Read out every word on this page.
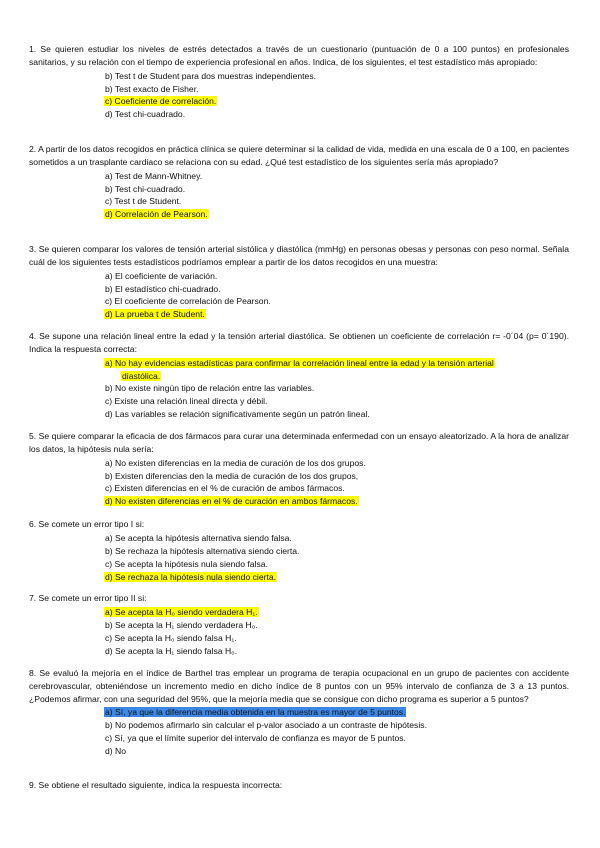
1. Se quieren estudiar los niveles de estrés detectados a través de un cuestionario (puntuación de 0 a 100 puntos) en profesionales sanitarios, y su relación con el tiempo de experiencia profesional en años. Indica, de los siguientes, el test estadístico más apropiado:

b) Test t de Student para dos muestras independientes.
b) Test exacto de Fisher.
c) Coeficiente de correlación.
d) Test chi-cuadrado.

2. A partir de los datos recogidos en práctica clínica se quiere determinar si la calidad de vida, medida en una escala de 0 a 100, en pacientes sometidos a un trasplante cardiaco se relaciona con su edad. ¿Qué test estadístico de los siguientes sería más apropiado?

a) Test de Mann-Whitney.
b) Test chi-cuadrado.
c) Test t de Student.
d) Correlación de Pearson.

3. Se quieren comparar los valores de tensión arterial sistólica y diastólica (mmHg) en personas obesas y personas con peso normal. Señala cuál de los siguientes tests estadísticos podríamos emplear a partir de los datos recogidos en una muestra:

a) El coeficiente de variación.
b) El estadístico chi-cuadrado.
c) El coeficiente de correlación de Pearson.
d) La prueba t de Student.

4. Se supone una relación lineal entre la edad y la tensión arterial diastólica. Se obtienen un coeficiente de correlación r= -0´04 (p= 0´190). Indica la respuesta correcta:

a) No hay evidencias estadísticas para confirmar la correlación lineal entre la edad y la tensión arterial
diastólica.
b) No existe ningún tipo de relación entre las variables.
c) Existe una relación lineal directa y débil.
d) Las variables se relación significativamente según un patrón lineal.

5. Se quiere comparar la eficacia de dos fármacos para curar una determinada enfermedad con un ensayo aleatorizado. A la hora de analizar los datos, la hipótesis nula sería:

a) No existen diferencias en la media de curación de los dos grupos.
b) Existen diferencias den la media de curación de los dos grupos,
c) Existen diferencias en el % de curación de ambos fármacos.
d) No existen diferencias en el % de curación en ambos fármacos.

6. Se comete un error tipo I si:

a) Se acepta la hipótesis alternativa siendo falsa.
b) Se rechaza la hipótesis alternativa siendo cierta.
c) Se acepta la hipótesis nula siendo falsa.
d) Se rechaza la hipótesis nula siendo cierta.

7. Se comete un error tipo II si:

a) Se acepta la H₀ siendo verdadera H₁.
b) Se acepta la H₁ siendo verdadera H₀.
c) Se acepta la H₀ siendo falsa H₁.
d) Se acepta la H₁ siendo falsa H₀.

8. Se evaluó la mejoría en el índice de Barthel tras emplear un programa de terapia ocupacional en un grupo de pacientes con accidente cerebrovascular, obteniéndose un incremento medio en dicho índice de 8 puntos con un 95% intervalo de confianza de 3 a 13 puntos. ¿Podemos afirmar, con una seguridad del 95%, que la mejoría media que se consigue con dicho programa es superior a 5 puntos?

a) Sí, ya que la diferencia media obtenida en la muestra es mayor de 5 puntos.
b) No podemos afirmarlo sin calcular el p-valor asociado a un contraste de hipótesis.
c) Sí, ya que el límite superior del intervalo de confianza es mayor de 5 puntos.
d) No

9. Se obtiene el resultado siguiente, indica la respuesta incorrecta:
